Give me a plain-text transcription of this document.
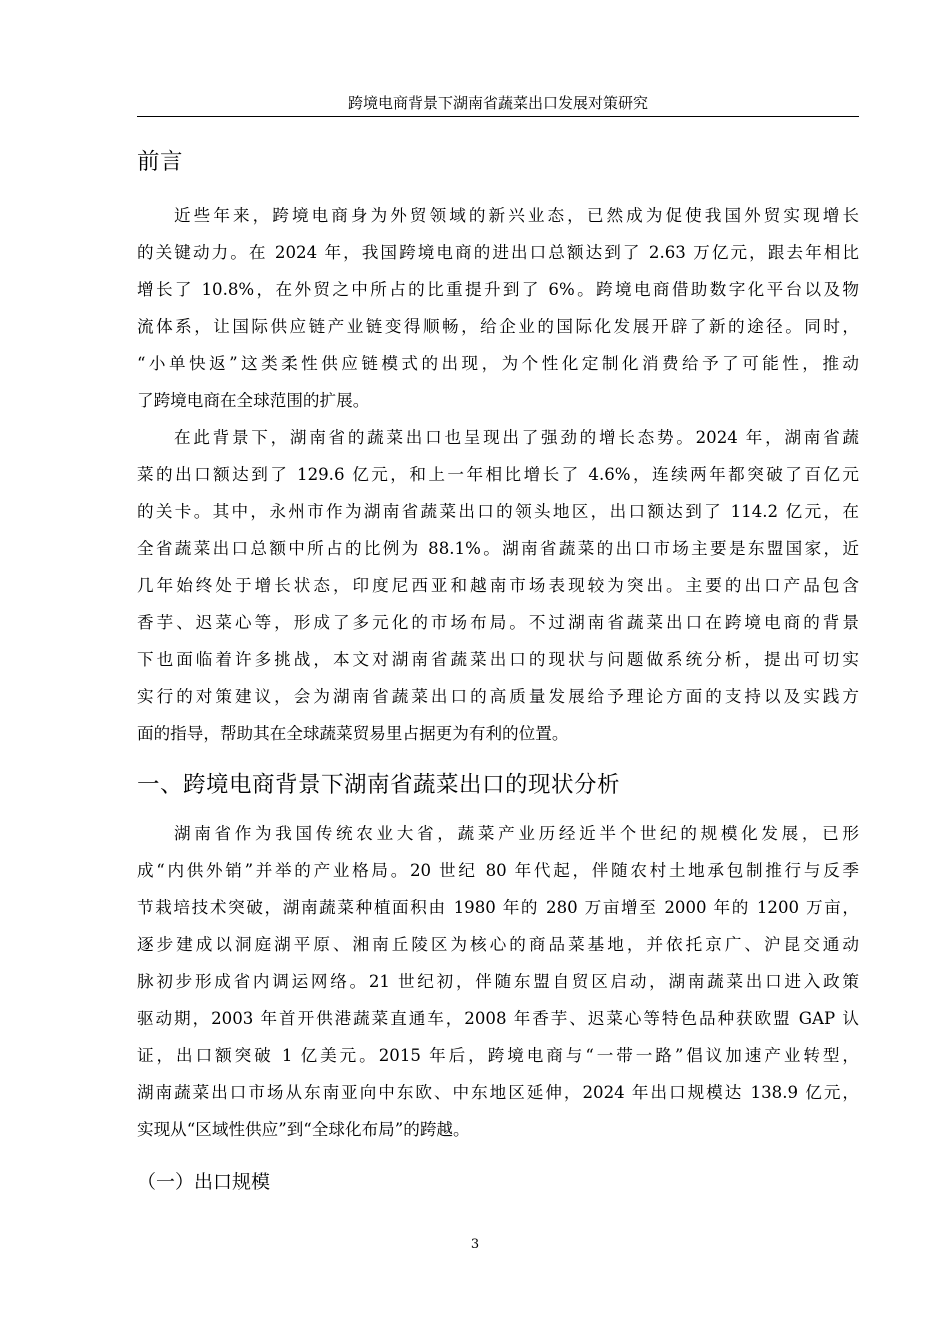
跨境电商背景下湖南省蔬菜出口发展对策研究
前言
近些年来，跨境电商身为外贸领域的新兴业态，已然成为促使我国外贸实现增长
的关键动力。在 2024 年，我国跨境电商的进出口总额达到了 2.63 万亿元，跟去年相比
增长了 10.8%，在外贸之中所占的比重提升到了 6%。跨境电商借助数字化平台以及物
流体系，让国际供应链产业链变得顺畅，给企业的国际化发展开辟了新的途径。同时，
“小单快返”这类柔性供应链模式的出现，为个性化定制化消费给予了可能性，推动
了跨境电商在全球范围的扩展。
在此背景下，湖南省的蔬菜出口也呈现出了强劲的增长态势。2024 年，湖南省蔬
菜的出口额达到了 129.6 亿元，和上一年相比增长了 4.6%，连续两年都突破了百亿元
的关卡。其中，永州市作为湖南省蔬菜出口的领头地区，出口额达到了 114.2 亿元，在
全省蔬菜出口总额中所占的比例为 88.1%。湖南省蔬菜的出口市场主要是东盟国家，近
几年始终处于增长状态，印度尼西亚和越南市场表现较为突出。主要的出口产品包含
香芋、迟菜心等，形成了多元化的市场布局。不过湖南省蔬菜出口在跨境电商的背景
下也面临着许多挑战，本文对湖南省蔬菜出口的现状与问题做系统分析，提出可切实
实行的对策建议，会为湖南省蔬菜出口的高质量发展给予理论方面的支持以及实践方
面的指导，帮助其在全球蔬菜贸易里占据更为有利的位置。
一、跨境电商背景下湖南省蔬菜出口的现状分析
湖南省作为我国传统农业大省，蔬菜产业历经近半个世纪的规模化发展，已形
成“内供外销”并举的产业格局。20 世纪 80 年代起，伴随农村土地承包制推行与反季
节栽培技术突破，湖南蔬菜种植面积由 1980 年的 280 万亩增至 2000 年的 1200 万亩，
逐步建成以洞庭湖平原、湘南丘陵区为核心的商品菜基地，并依托京广、沪昆交通动
脉初步形成省内调运网络。21 世纪初，伴随东盟自贸区启动，湖南蔬菜出口进入政策
驱动期，2003 年首开供港蔬菜直通车，2008 年香芋、迟菜心等特色品种获欧盟 GAP 认
证，出口额突破 1 亿美元。2015 年后，跨境电商与“一带一路”倡议加速产业转型，
湖南蔬菜出口市场从东南亚向中东欧、中东地区延伸，2024 年出口规模达 138.9 亿元，
实现从“区域性供应”到“全球化布局”的跨越。
（一）出口规模
3
